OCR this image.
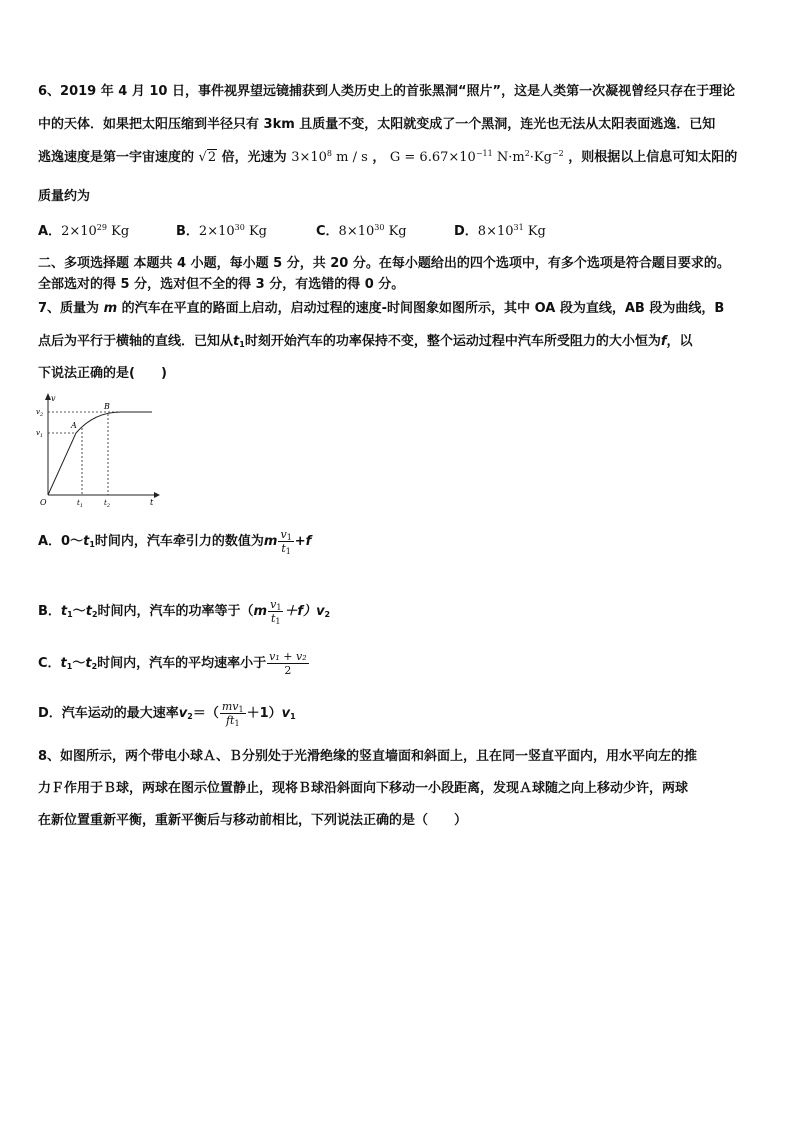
6、2019 年 4 月 10 日，事件视界望远镜捕获到人类历史上的首张黑洞“照片”，这是人类第一次凝视曾经只存在于理论
中的天体．如果把太阳压缩到半径只有 3km 且质量不变，太阳就变成了一个黑洞，连光也无法从太阳表面逃逸．已知
逃逸速度是第一宇宙速度的 √2 倍，光速为 $3\times 10^8$ m / s ， $G = 6.67\times 10^{-11}$ $N\cdot m^2\cdot Kg^{-2}$ ，则根据以上信息可知太阳的
质量约为
A．$2\times 10^{29}$ Kg	B．$2\times 10^{30}$ Kg	C．$8\times 10^{30}$ Kg	D．$8\times 10^{31}$ Kg
二、多项选择题 本题共 4 小题，每小题 5 分，共 20 分。在每小题给出的四个选项中，有多个选项是符合题目要求的。
全部选对的得 5 分，选对但不全的得 3 分，有选错的得 0 分。
7、质量为 m 的汽车在平直的路面上启动，启动过程的速度-时间图象如图所示，其中 OA 段为直线，AB 段为曲线，B
点后为平行于横轴的直线．已知从$t_1$时刻开始汽车的功率保持不变，整个运动过程中汽车所受阻力的大小恒为f，以
下说法正确的是(　　)
v
t
O
A
B
$v_2$
$v_1$
$t_1$	$t_2$
A．$0\sim t_1$时间内，汽车牵引力的数值为m $\frac{v_1}{t_1} +f$
B．$t_1\sim t_2$时间内，汽车的功率等于$(m \frac{v_1}{t_1} +f)v_2$
C．$t_1\sim t_2$时间内，汽车的平均速率小于 $\frac{\text{v₁ + v₂}}{2}$
D．汽车运动的最大速率$v_2=( \frac{mv_1}{ft_1} +1)v_1$
8、如图所示，两个带电小球Ａ、Ｂ分别处于光滑绝缘的竖直墙面和斜面上，且在同一竖直平面内，用水平向左的推
力Ｆ作用于Ｂ球，两球在图示位置静止，现将Ｂ球沿斜面向下移动一小段距离，发现Ａ球随之向上移动少许，两球
在新位置重新平衡，重新平衡后与移动前相比，下列说法正确的是（　　）
